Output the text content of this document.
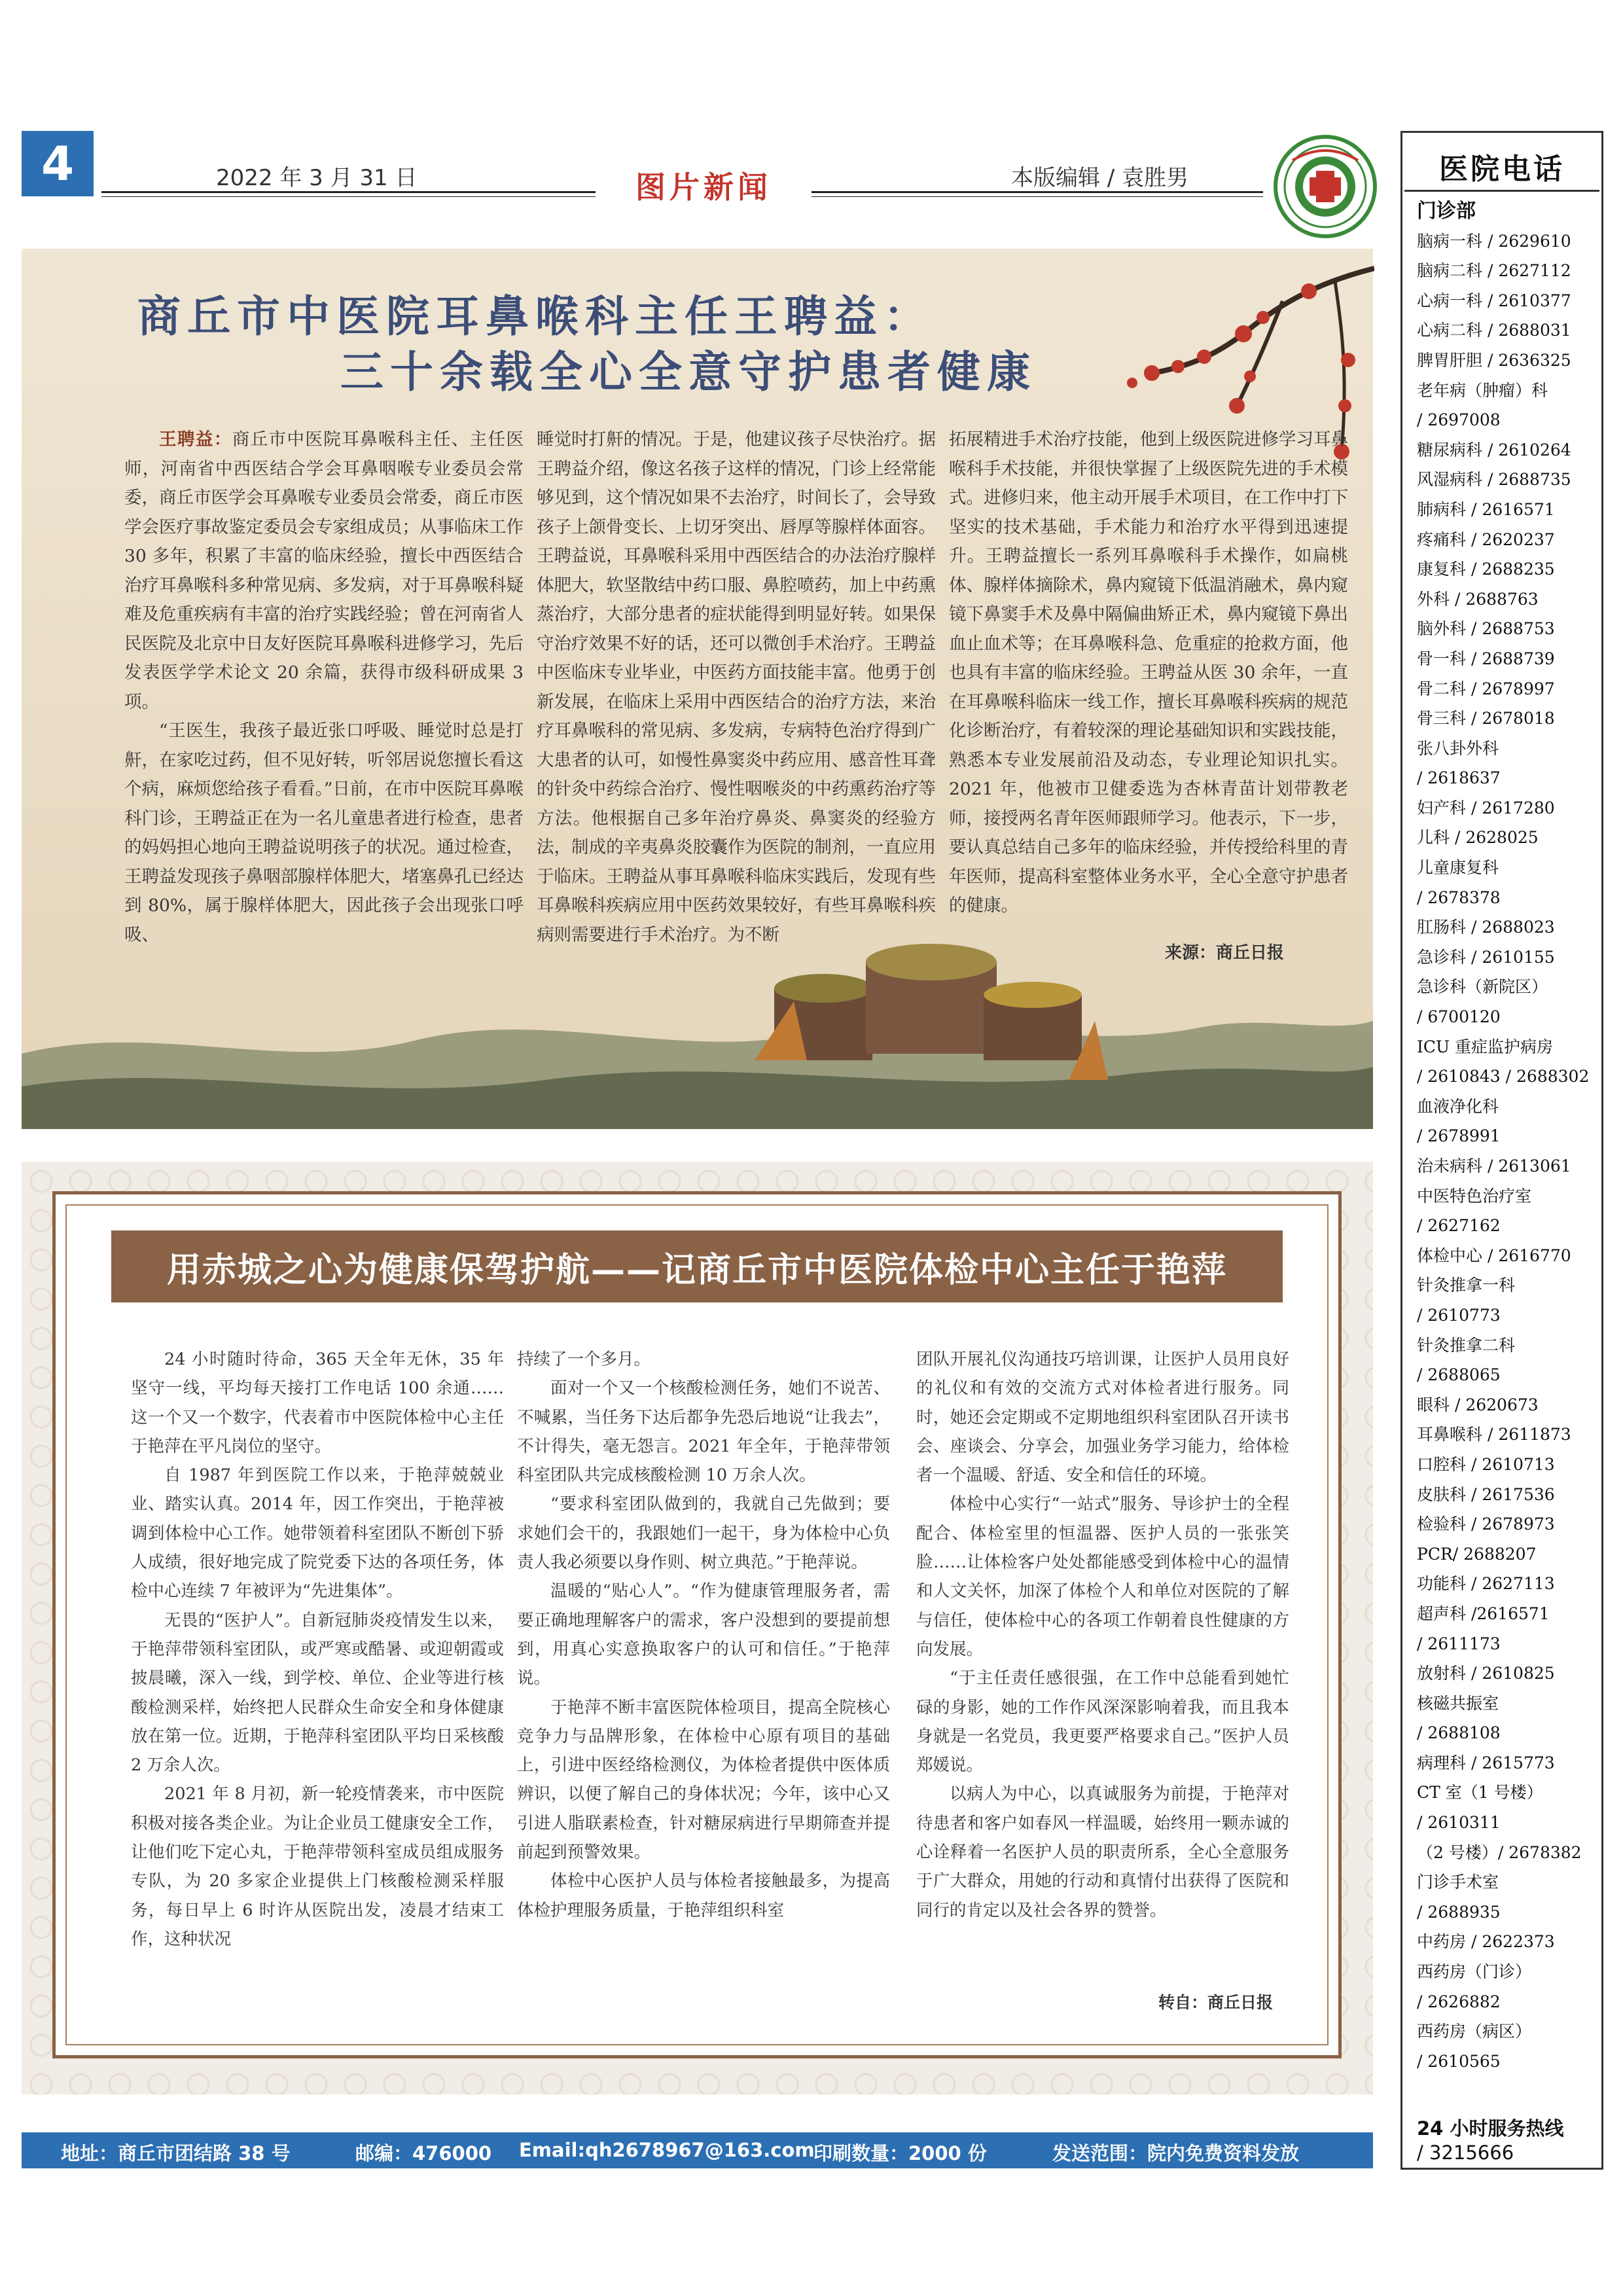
4	2022 年 3 月 31 日	图片新闻	本版编辑 / 袁胜男	医院电话
门诊部
脑病一科 / 2629610
脑病二科 / 2627112
心病一科 / 2610377
心病二科 / 2688031
脾胃肝胆 / 2636325
老年病（肿瘤）科
/ 2697008
糖尿病科 / 2610264
风湿病科 / 2688735
肺病科 / 2616571
疼痛科 / 2620237
康复科 / 2688235
外科 / 2688763
脑外科 / 2688753
骨一科 / 2688739
骨二科 / 2678997
骨三科 / 2678018
张八卦外科
/ 2618637
妇产科 / 2617280
儿科 / 2628025
儿童康复科
/ 2678378
肛肠科 / 2688023
急诊科 / 2610155
急诊科（新院区）
/ 6700120
ICU 重症监护病房
/ 2610843 / 2688302
血液净化科
/ 2678991
治未病科 / 2613061
中医特色治疗室
/ 2627162
体检中心 / 2616770
针灸推拿一科
/ 2610773
针灸推拿二科
/ 2688065
眼科 / 2620673
耳鼻喉科 / 2611873
口腔科 / 2610713
皮肤科 / 2617536
检验科 / 2678973
PCR/ 2688207
功能科 / 2627113
超声科 /2616571
/ 2611173
放射科 / 2610825
核磁共振室
/ 2688108
病理科 / 2615773
CT 室（1 号楼）
/ 2610311
（2 号楼）/ 2678382
门诊手术室
/ 2688935
中药房 / 2622373
西药房（门诊）
/ 2626882
西药房（病区）
/ 2610565
24 小时服务热线
/ 3215666
商丘市中医院耳鼻喉科主任王聘益：
三十余载全心全意守护患者健康

王聘益：商丘市中医院耳鼻喉科主任、主任医师，河南省中西医结合学会耳鼻咽喉专业委员会常委，商丘市医学会耳鼻喉专业委员会常委，商丘市医学会医疗事故鉴定委员会专家组成员；从事临床工作 30 多年，积累了丰富的临床经验，擅长中西医结合治疗耳鼻喉科多种常见病、多发病，对于耳鼻喉科疑难及危重疾病有丰富的治疗实践经验；曾在河南省人民医院及北京中日友好医院耳鼻喉科进修学习，先后发表医学学术论文 20 余篇，获得市级科研成果 3 项。

“王医生，我孩子最近张口呼吸、睡觉时总是打鼾，在家吃过药，但不见好转，听邻居说您擅长看这个病，麻烦您给孩子看看。”日前，在市中医院耳鼻喉科门诊，王聘益正在为一名儿童患者进行检查，患者的妈妈担心地向王聘益说明孩子的状况。通过检查，王聘益发现孩子鼻咽部腺样体肥大，堵塞鼻孔已经达到 80%，属于腺样体肥大，因此孩子会出现张口呼吸、

睡觉时打鼾的情况。于是，他建议孩子尽快治疗。据王聘益介绍，像这名孩子这样的情况，门诊上经常能够见到，这个情况如果不去治疗，时间长了，会导致孩子上颌骨变长、上切牙突出、唇厚等腺样体面容。王聘益说，耳鼻喉科采用中西医结合的办法治疗腺样体肥大，软坚散结中药口服、鼻腔喷药，加上中药熏蒸治疗，大部分患者的症状能得到明显好转。如果保守治疗效果不好的话，还可以微创手术治疗。王聘益中医临床专业毕业，中医药方面技能丰富。他勇于创新发展，在临床上采用中西医结合的治疗方法，来治疗耳鼻喉科的常见病、多发病，专病特色治疗得到广大患者的认可，如慢性鼻窦炎中药应用、感音性耳聋的针灸中药综合治疗、慢性咽喉炎的中药熏药治疗等方法。他根据自己多年治疗鼻炎、鼻窦炎的经验方法，制成的辛夷鼻炎胶囊作为医院的制剂，一直应用于临床。王聘益从事耳鼻喉科临床实践后，发现有些耳鼻喉科疾病应用中医药效果较好，有些耳鼻喉科疾病则需要进行手术治疗。为不断

拓展精进手术治疗技能，他到上级医院进修学习耳鼻喉科手术技能，并很快掌握了上级医院先进的手术模式。进修归来，他主动开展手术项目，在工作中打下坚实的技术基础，手术能力和治疗水平得到迅速提升。王聘益擅长一系列耳鼻喉科手术操作，如扁桃体、腺样体摘除术，鼻内窥镜下低温消融术，鼻内窥镜下鼻窦手术及鼻中隔偏曲矫正术，鼻内窥镜下鼻出血止血术等；在耳鼻喉科急、危重症的抢救方面，他也具有丰富的临床经验。王聘益从医 30 余年，一直在耳鼻喉科临床一线工作，擅长耳鼻喉科疾病的规范化诊断治疗，有着较深的理论基础知识和实践技能，熟悉本专业发展前沿及动态，专业理论知识扎实。2021 年，他被市卫健委选为杏林青苗计划带教老师，接授两名青年医师跟师学习。他表示，下一步，要认真总结自己多年的临床经验，并传授给科里的青年医师，提高科室整体业务水平，全心全意守护患者的健康。

来源：商丘日报
用赤城之心为健康保驾护航——记商丘市中医院体检中心主任于艳萍

24 小时随时待命，365 天全年无休，35 年坚守一线，平均每天接打工作电话 100 余通……这一个又一个数字，代表着市中医院体检中心主任于艳萍在平凡岗位的坚守。

自 1987 年到医院工作以来，于艳萍兢兢业业、踏实认真。2014 年，因工作突出，于艳萍被调到体检中心工作。她带领着科室团队不断创下骄人成绩，很好地完成了院党委下达的各项任务，体检中心连续 7 年被评为“先进集体”。

无畏的“医护人”。自新冠肺炎疫情发生以来，于艳萍带领科室团队，或严寒或酷暑、或迎朝霞或披晨曦，深入一线，到学校、单位、企业等进行核酸检测采样，始终把人民群众生命安全和身体健康放在第一位。近期，于艳萍科室团队平均日采核酸 2 万余人次。

2021 年 8 月初，新一轮疫情袭来，市中医院积极对接各类企业。为让企业员工健康安全工作，让他们吃下定心丸，于艳萍带领科室成员组成服务专队，为 20 多家企业提供上门核酸检测采样服务，每日早上 6 时许从医院出发，凌晨才结束工作，这种状况

持续了一个多月。

面对一个又一个核酸检测任务，她们不说苦、不喊累，当任务下达后都争先恐后地说“让我去”，不计得失，毫无怨言。2021 年全年，于艳萍带领科室团队共完成核酸检测 10 万余人次。

“要求科室团队做到的，我就自己先做到；要求她们会干的，我跟她们一起干，身为体检中心负责人我必须要以身作则、树立典范。”于艳萍说。

温暖的“贴心人”。“作为健康管理服务者，需要正确地理解客户的需求，客户没想到的要提前想到，用真心实意换取客户的认可和信任。”于艳萍说。

于艳萍不断丰富医院体检项目，提高全院核心竞争力与品牌形象，在体检中心原有项目的基础上，引进中医经络检测仪，为体检者提供中医体质辨识，以便了解自己的身体状况；今年，该中心又引进人脂联素检查，针对糖尿病进行早期筛查并提前起到预警效果。

体检中心医护人员与体检者接触最多，为提高体检护理服务质量，于艳萍组织科室

团队开展礼仪沟通技巧培训课，让医护人员用良好的礼仪和有效的交流方式对体检者进行服务。同时，她还会定期或不定期地组织科室团队召开读书会、座谈会、分享会，加强业务学习能力，给体检者一个温暖、舒适、安全和信任的环境。

体检中心实行“一站式”服务、导诊护士的全程配合、体检室里的恒温器、医护人员的一张张笑脸……让体检客户处处都能感受到体检中心的温情和人文关怀，加深了体检个人和单位对医院的了解与信任，使体检中心的各项工作朝着良性健康的方向发展。

“于主任责任感很强，在工作中总能看到她忙碌的身影，她的工作作风深深影响着我，而且我本身就是一名党员，我更要严格要求自己。”医护人员郑媛说。

以病人为中心，以真诚服务为前提，于艳萍对待患者和客户如春风一样温暖，始终用一颗赤诚的心诠释着一名医护人员的职责所系，全心全意服务于广大群众，用她的行动和真情付出获得了医院和同行的肯定以及社会各界的赞誉。

转自：商丘日报
地址：商丘市团结路 38 号	邮编：476000 Email:qh2678967@163.com
印刷数量：2000 份	发送范围：院内免费资料发放
